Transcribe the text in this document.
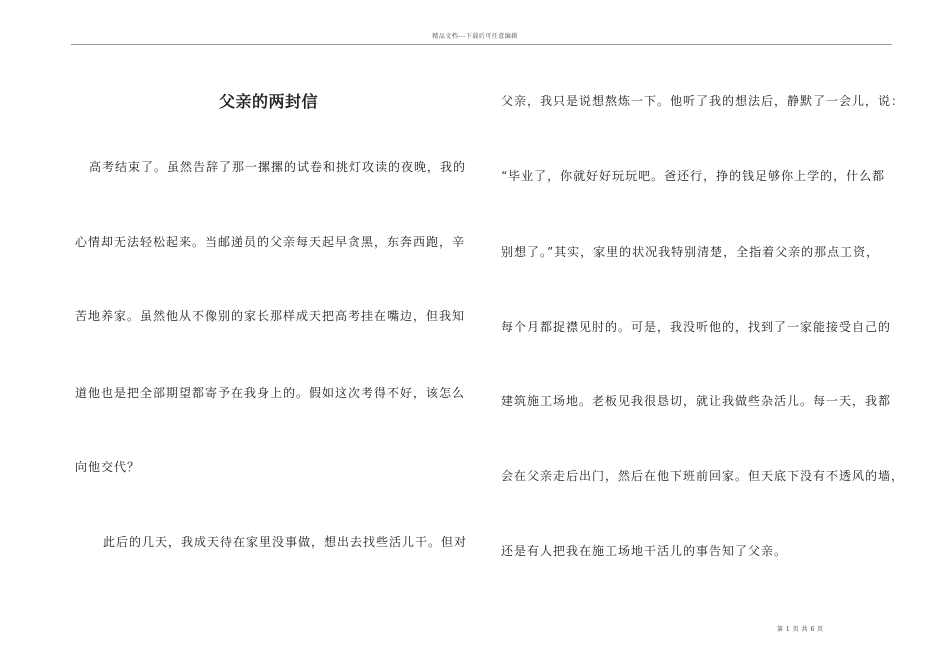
精品文档---下载后可任意编辑
父亲的两封信
高考结束了。虽然告辞了那一摞摞的试卷和挑灯攻读的夜晚，我的
心情却无法轻松起来。当邮递员的父亲每天起早贪黑，东奔西跑，辛
苦地养家。虽然他从不像别的家长那样成天把高考挂在嘴边，但我知
道他也是把全部期望都寄予在我身上的。假如这次考得不好，该怎么
向他交代？
此后的几天，我成天待在家里没事做，想出去找些活儿干。但对
父亲，我只是说想熬炼一下。他听了我的想法后，静默了一会儿，说：
“毕业了，你就好好玩玩吧。爸还行，挣的钱足够你上学的，什么都
别想了。”其实，家里的状况我特别清楚，全指着父亲的那点工资，
每个月都捉襟见肘的。可是，我没听他的，找到了一家能接受自己的
建筑施工场地。老板见我很恳切，就让我做些杂活儿。每一天，我都
会在父亲走后出门，然后在他下班前回家。但天底下没有不透风的墙，
还是有人把我在施工场地干活儿的事告知了父亲。
第 1 页 共 6 页
